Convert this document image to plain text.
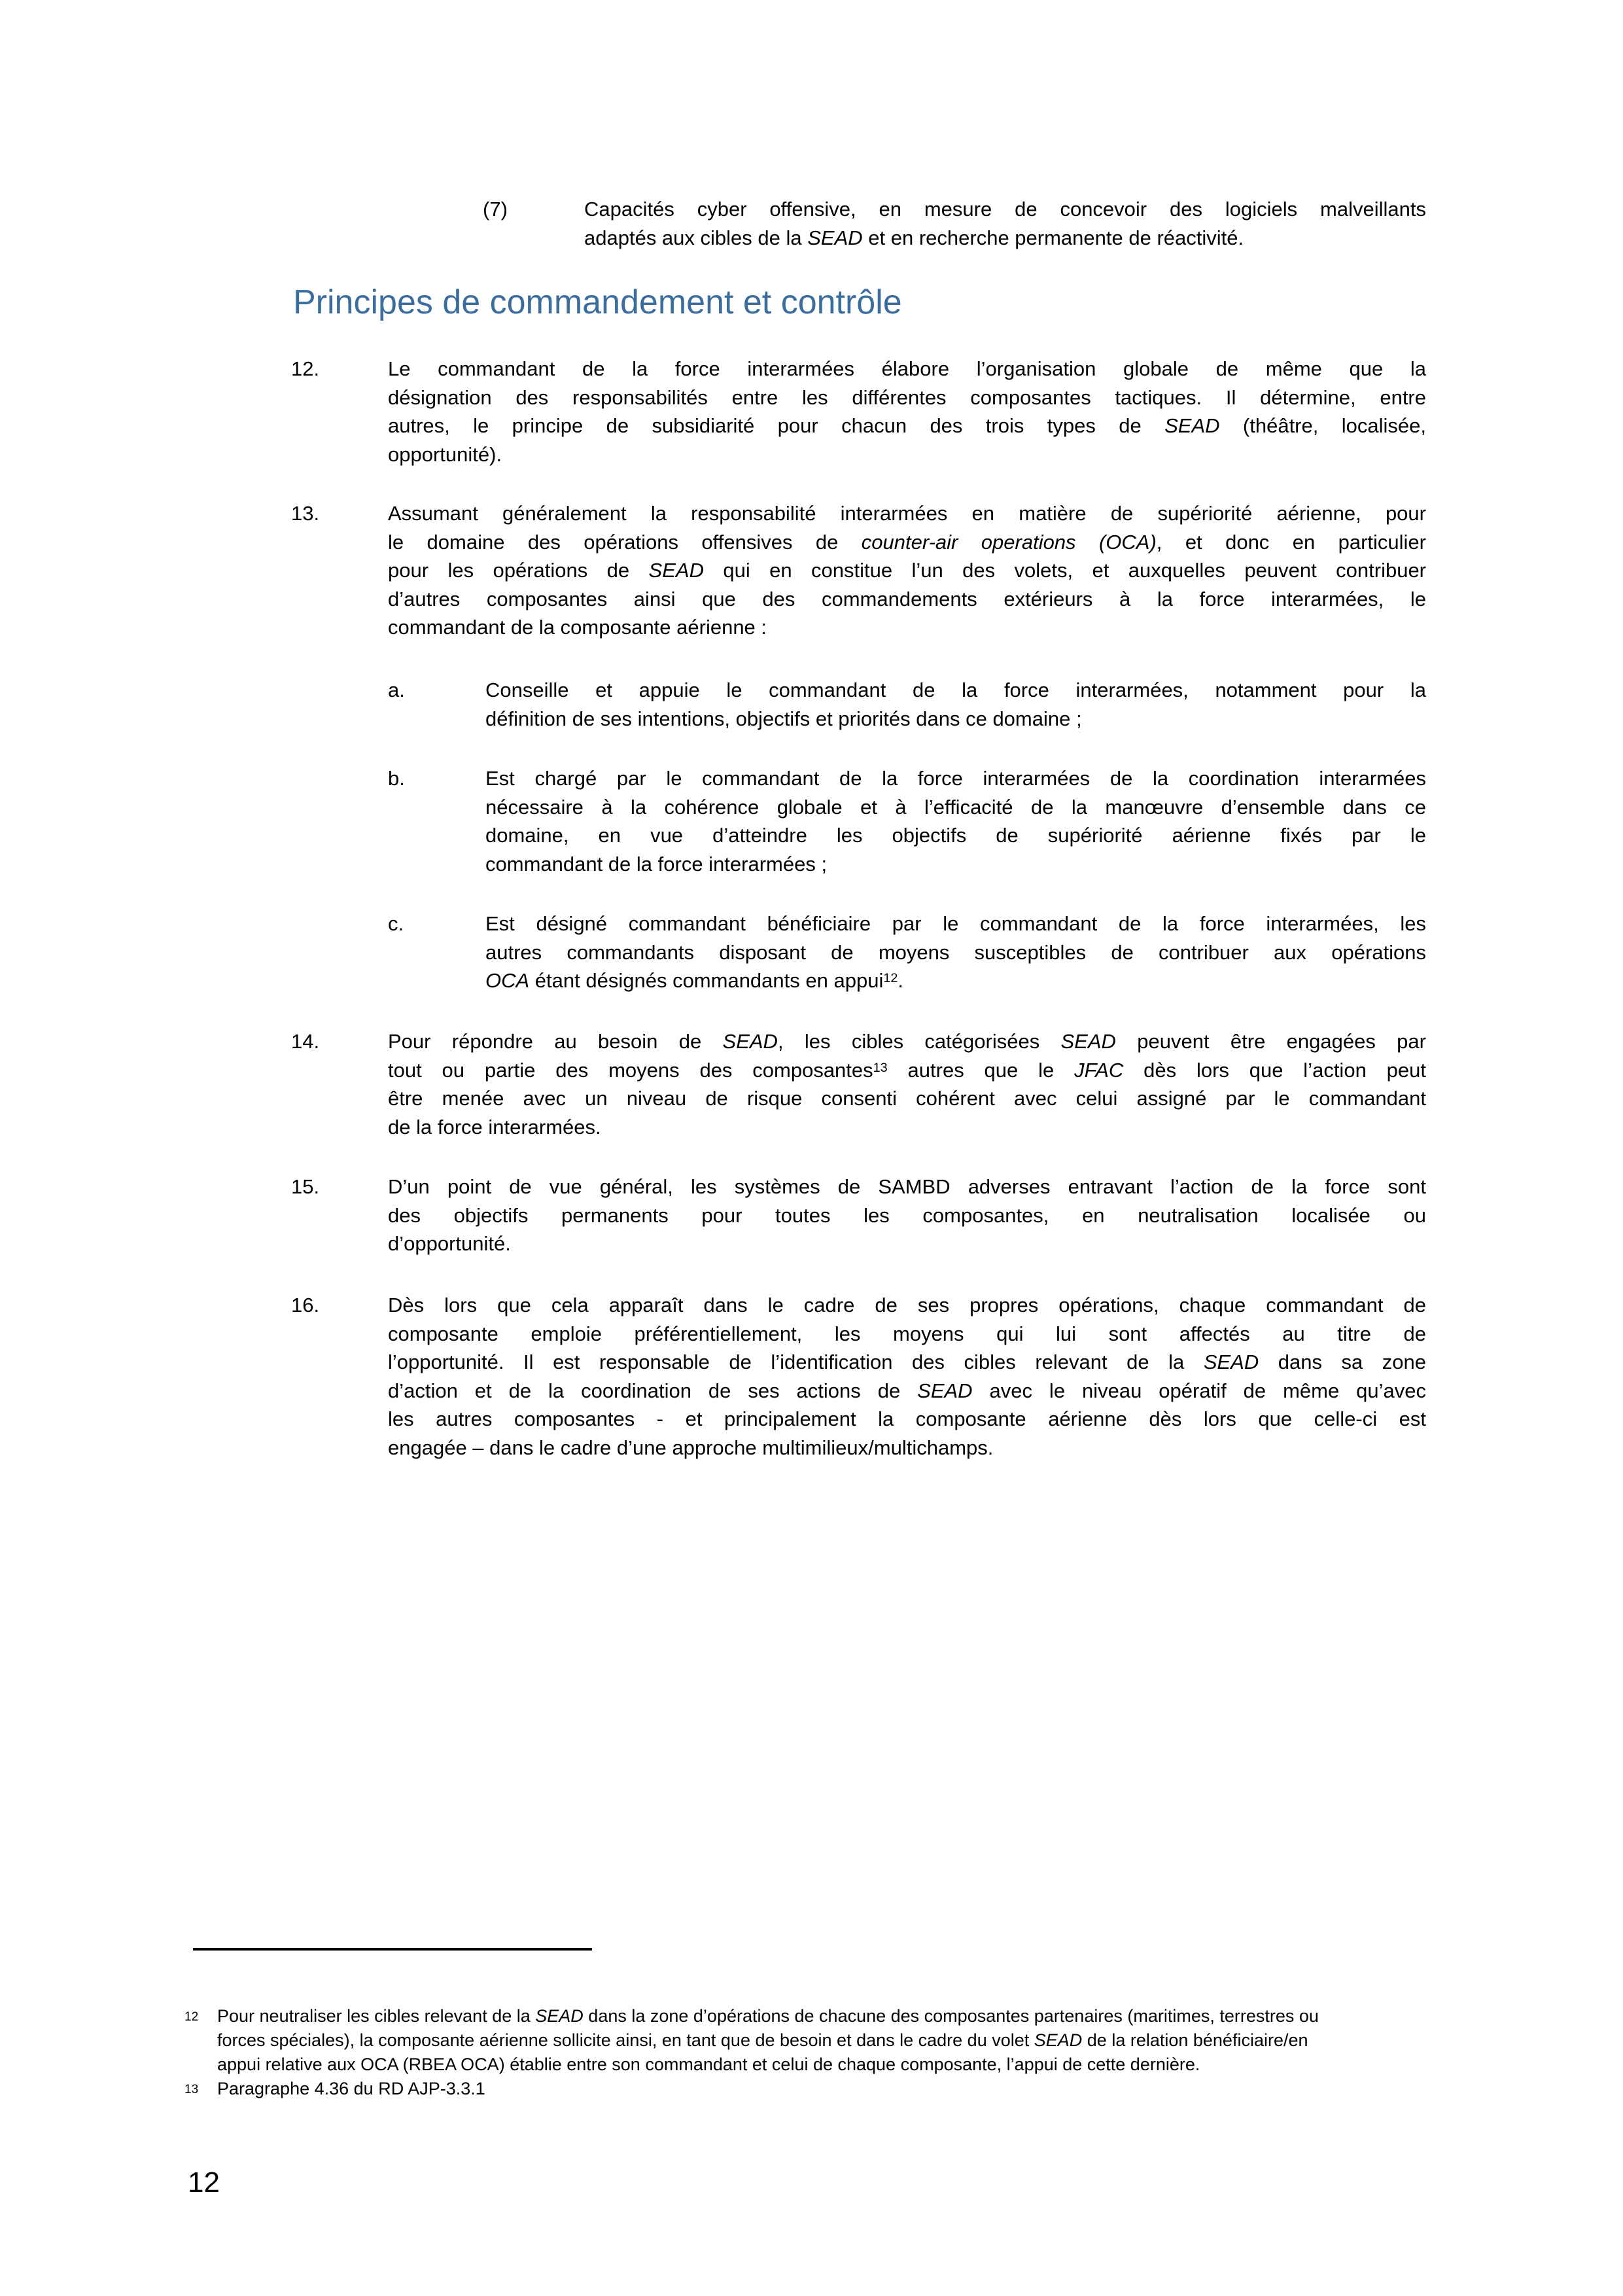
(7)	Capacités cyber offensive, en mesure de concevoir des logiciels malveillants
adaptés aux cibles de la SEAD et en recherche permanente de réactivité.
Principes de commandement et contrôle
12.	Le commandant de la force interarmées élabore l’organisation globale de même que la
désignation des responsabilités entre les différentes composantes tactiques. Il détermine, entre
autres, le principe de subsidiarité pour chacun des trois types de SEAD (théâtre, localisée,
opportunité).
13.	Assumant généralement la responsabilité interarmées en matière de supériorité aérienne, pour
le domaine des opérations offensives de counter-air operations (OCA), et donc en particulier
pour les opérations de SEAD qui en constitue l’un des volets, et auxquelles peuvent contribuer
d’autres composantes ainsi que des commandements extérieurs à la force interarmées, le
commandant de la composante aérienne :
a.	Conseille et appuie le commandant de la force interarmées, notamment pour la
définition de ses intentions, objectifs et priorités dans ce domaine ;
b.	Est chargé par le commandant de la force interarmées de la coordination interarmées
nécessaire à la cohérence globale et à l’efficacité de la manœuvre d’ensemble dans ce
domaine, en vue d’atteindre les objectifs de supériorité aérienne fixés par le
commandant de la force interarmées ;
c.	Est désigné commandant bénéficiaire par le commandant de la force interarmées, les
autres commandants disposant de moyens susceptibles de contribuer aux opérations
OCA étant désignés commandants en appui$^{12}$.
14.	Pour répondre au besoin de SEAD, les cibles catégorisées SEAD peuvent être engagées par
tout ou partie des moyens des composantes$^{13}$ autres que le JFAC dès lors que l’action peut
être menée avec un niveau de risque consenti cohérent avec celui assigné par le commandant
de la force interarmées.
15.	D’un point de vue général, les systèmes de SAMBD adverses entravant l’action de la force sont
des objectifs permanents pour toutes les composantes, en neutralisation localisée ou
d’opportunité.
16.	Dès lors que cela apparaît dans le cadre de ses propres opérations, chaque commandant de
composante emploie préférentiellement, les moyens qui lui sont affectés au titre de
l’opportunité. Il est responsable de l’identification des cibles relevant de la SEAD dans sa zone
d’action et de la coordination de ses actions de SEAD avec le niveau opératif de même qu’avec
les autres composantes - et principalement la composante aérienne dès lors que celle-ci est
engagée – dans le cadre d’une approche multimilieux/multichamps.
12 Pour neutraliser les cibles relevant de la SEAD dans la zone d’opérations de chacune des composantes partenaires (maritimes, terrestres ou
forces spéciales), la composante aérienne sollicite ainsi, en tant que de besoin et dans le cadre du volet SEAD de la relation bénéficiaire/en
appui relative aux OCA (RBEA OCA) établie entre son commandant et celui de chaque composante, l’appui de cette dernière.
13 Paragraphe 4.36 du RD AJP-3.3.1
12
